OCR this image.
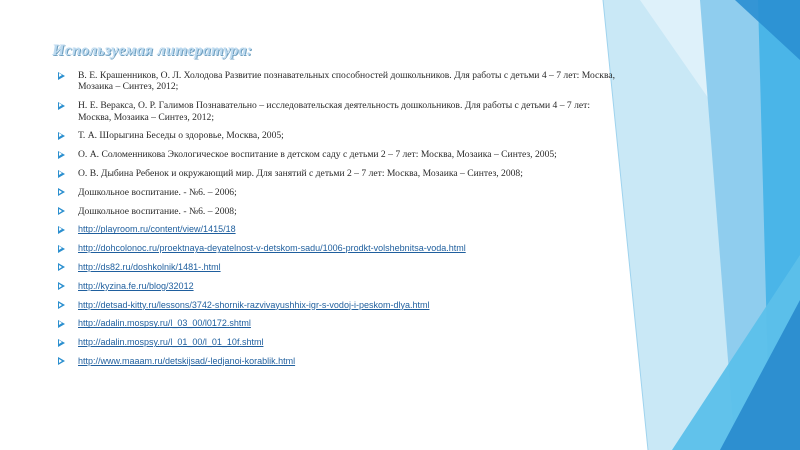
Используемая литература:
В. Е. Крашенников, О. Л. Холодова Развитие познавательных способностей дошкольников. Для работы с детьми 4 – 7 лет: Москва, Мозаика – Синтез, 2012;
Н. Е. Веракса, О. Р. Галимов Познавательно – исследовательская деятельность дошкольников. Для работы с детьми 4 – 7 лет: Москва, Мозаика – Синтез, 2012;
Т. А. Шорыгина Беседы о здоровье, Москва, 2005;
О. А. Соломенникова Экологическое воспитание в детском саду с детьми 2 – 7 лет: Москва, Мозаика – Синтез, 2005;
О. В. Дыбина Ребенок и окружающий мир. Для занятий с детьми 2 – 7 лет: Москва, Мозаика – Синтез, 2008;
Дошкольное воспитание. - №6. – 2006;
Дошкольное воспитание. - №6. – 2008;
http://playroom.ru/content/view/1415/18
http://dohcolonoc.ru/proektnaya-deyatelnost-v-detskom-sadu/1006-prodkt-volshebnitsa-voda.html
http://ds82.ru/doshkolnik/1481-.html
http://kyzina.fe.ru/blog/32012
http://detsad-kitty.ru/lessons/3742-shornik-razvivayushhix-igr-s-vodoj-i-peskom-dlya.html
http://adalin.mospsy.ru/l_03_00/l0172.shtml
http://adalin.mospsy.ru/l_01_00/l_01_10f.shtml
http://www.maaam.ru/detskijsad/-ledjanoi-korablik.html
